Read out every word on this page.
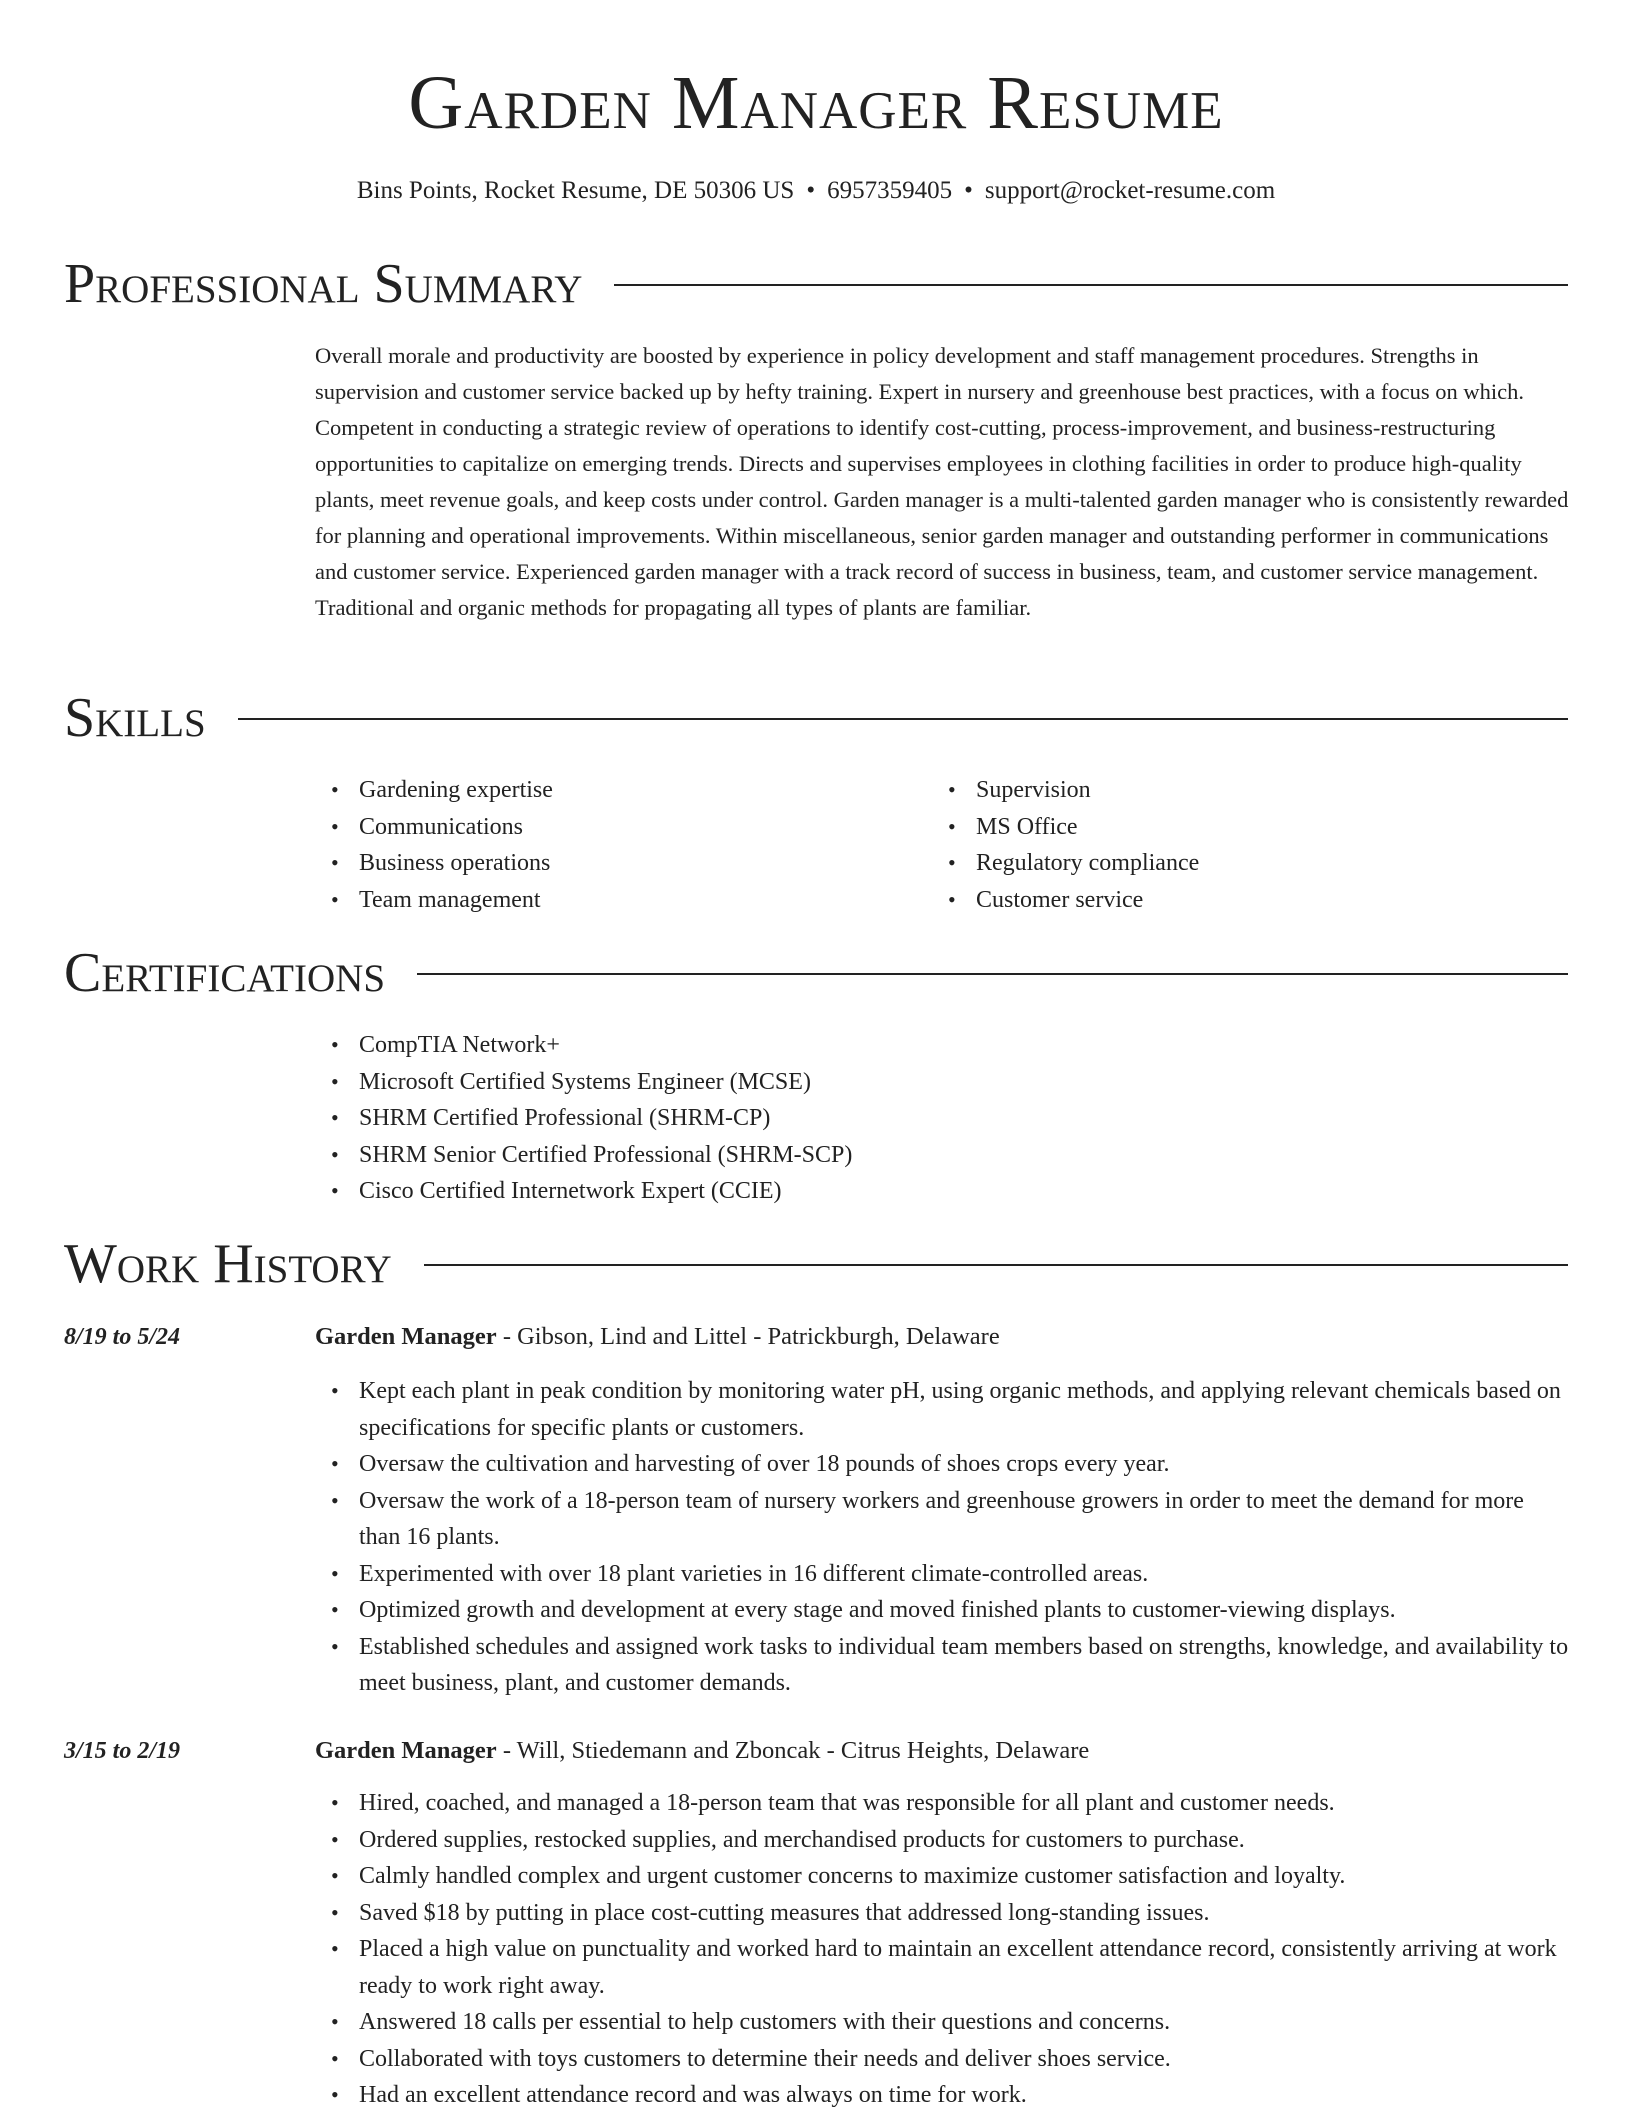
Garden Manager Resume
Bins Points, Rocket Resume, DE 50306 US • 6957359405 • support@rocket-resume.com
Professional Summary
Overall morale and productivity are boosted by experience in policy development and staff management procedures. Strengths in supervision and customer service backed up by hefty training. Expert in nursery and greenhouse best practices, with a focus on which. Competent in conducting a strategic review of operations to identify cost-cutting, process-improvement, and business-restructuring opportunities to capitalize on emerging trends. Directs and supervises employees in clothing facilities in order to produce high-quality plants, meet revenue goals, and keep costs under control. Garden manager is a multi-talented garden manager who is consistently rewarded for planning and operational improvements. Within miscellaneous, senior garden manager and outstanding performer in communications and customer service. Experienced garden manager with a track record of success in business, team, and customer service management. Traditional and organic methods for propagating all types of plants are familiar.
Skills
• Gardening expertise
• Communications
• Business operations
• Team management
• Supervision
• MS Office
• Regulatory compliance
• Customer service
Certifications
• CompTIA Network+
• Microsoft Certified Systems Engineer (MCSE)
• SHRM Certified Professional (SHRM-CP)
• SHRM Senior Certified Professional (SHRM-SCP)
• Cisco Certified Internetwork Expert (CCIE)
Work History
8/19 to 5/24	Garden Manager - Gibson, Lind and Littel - Patrickburgh, Delaware
• Kept each plant in peak condition by monitoring water pH, using organic methods, and applying relevant chemicals based on specifications for specific plants or customers.
• Oversaw the cultivation and harvesting of over 18 pounds of shoes crops every year.
• Oversaw the work of a 18-person team of nursery workers and greenhouse growers in order to meet the demand for more than 16 plants.
• Experimented with over 18 plant varieties in 16 different climate-controlled areas.
• Optimized growth and development at every stage and moved finished plants to customer-viewing displays.
• Established schedules and assigned work tasks to individual team members based on strengths, knowledge, and availability to meet business, plant, and customer demands.
3/15 to 2/19	Garden Manager - Will, Stiedemann and Zboncak - Citrus Heights, Delaware
• Hired, coached, and managed a 18-person team that was responsible for all plant and customer needs.
• Ordered supplies, restocked supplies, and merchandised products for customers to purchase.
• Calmly handled complex and urgent customer concerns to maximize customer satisfaction and loyalty.
• Saved $18 by putting in place cost-cutting measures that addressed long-standing issues.
• Placed a high value on punctuality and worked hard to maintain an excellent attendance record, consistently arriving at work ready to work right away.
• Answered 18 calls per essential to help customers with their questions and concerns.
• Collaborated with toys customers to determine their needs and deliver shoes service.
• Had an excellent attendance record and was always on time for work.
